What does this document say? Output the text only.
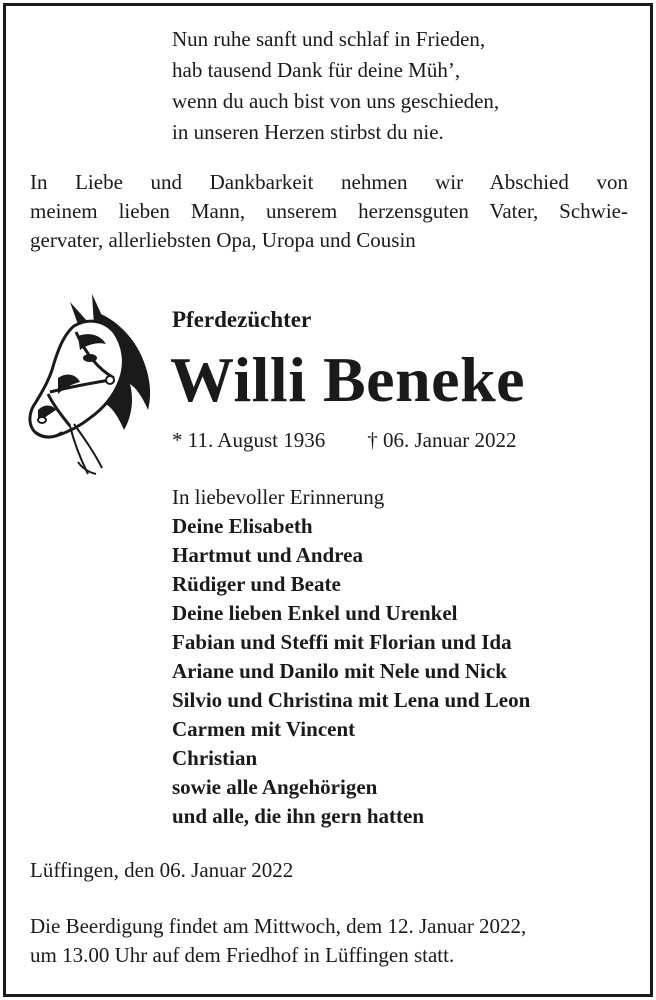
Nun ruhe sanft und schlaf in Frieden,
hab tausend Dank für deine Müh’,
wenn du auch bist von uns geschieden,
in unseren Herzen stirbst du nie.
In Liebe und Dankbarkeit nehmen wir Abschied von
meinem lieben Mann, unserem herzensguten Vater, Schwie-
gervater, allerliebsten Opa, Uropa und Cousin
Pferdezüchter
Willi Beneke
* 11. August 1936 † 06. Januar 2022
In liebevoller Erinnerung
Deine Elisabeth
Hartmut und Andrea
Rüdiger und Beate
Deine lieben Enkel und Urenkel
Fabian und Steffi mit Florian und Ida
Ariane und Danilo mit Nele und Nick
Silvio und Christina mit Lena und Leon
Carmen mit Vincent
Christian
sowie alle Angehörigen
und alle, die ihn gern hatten
Lüffingen, den 06. Januar 2022
Die Beerdigung findet am Mittwoch, dem 12. Januar 2022,
um 13.00 Uhr auf dem Friedhof in Lüffingen statt.
